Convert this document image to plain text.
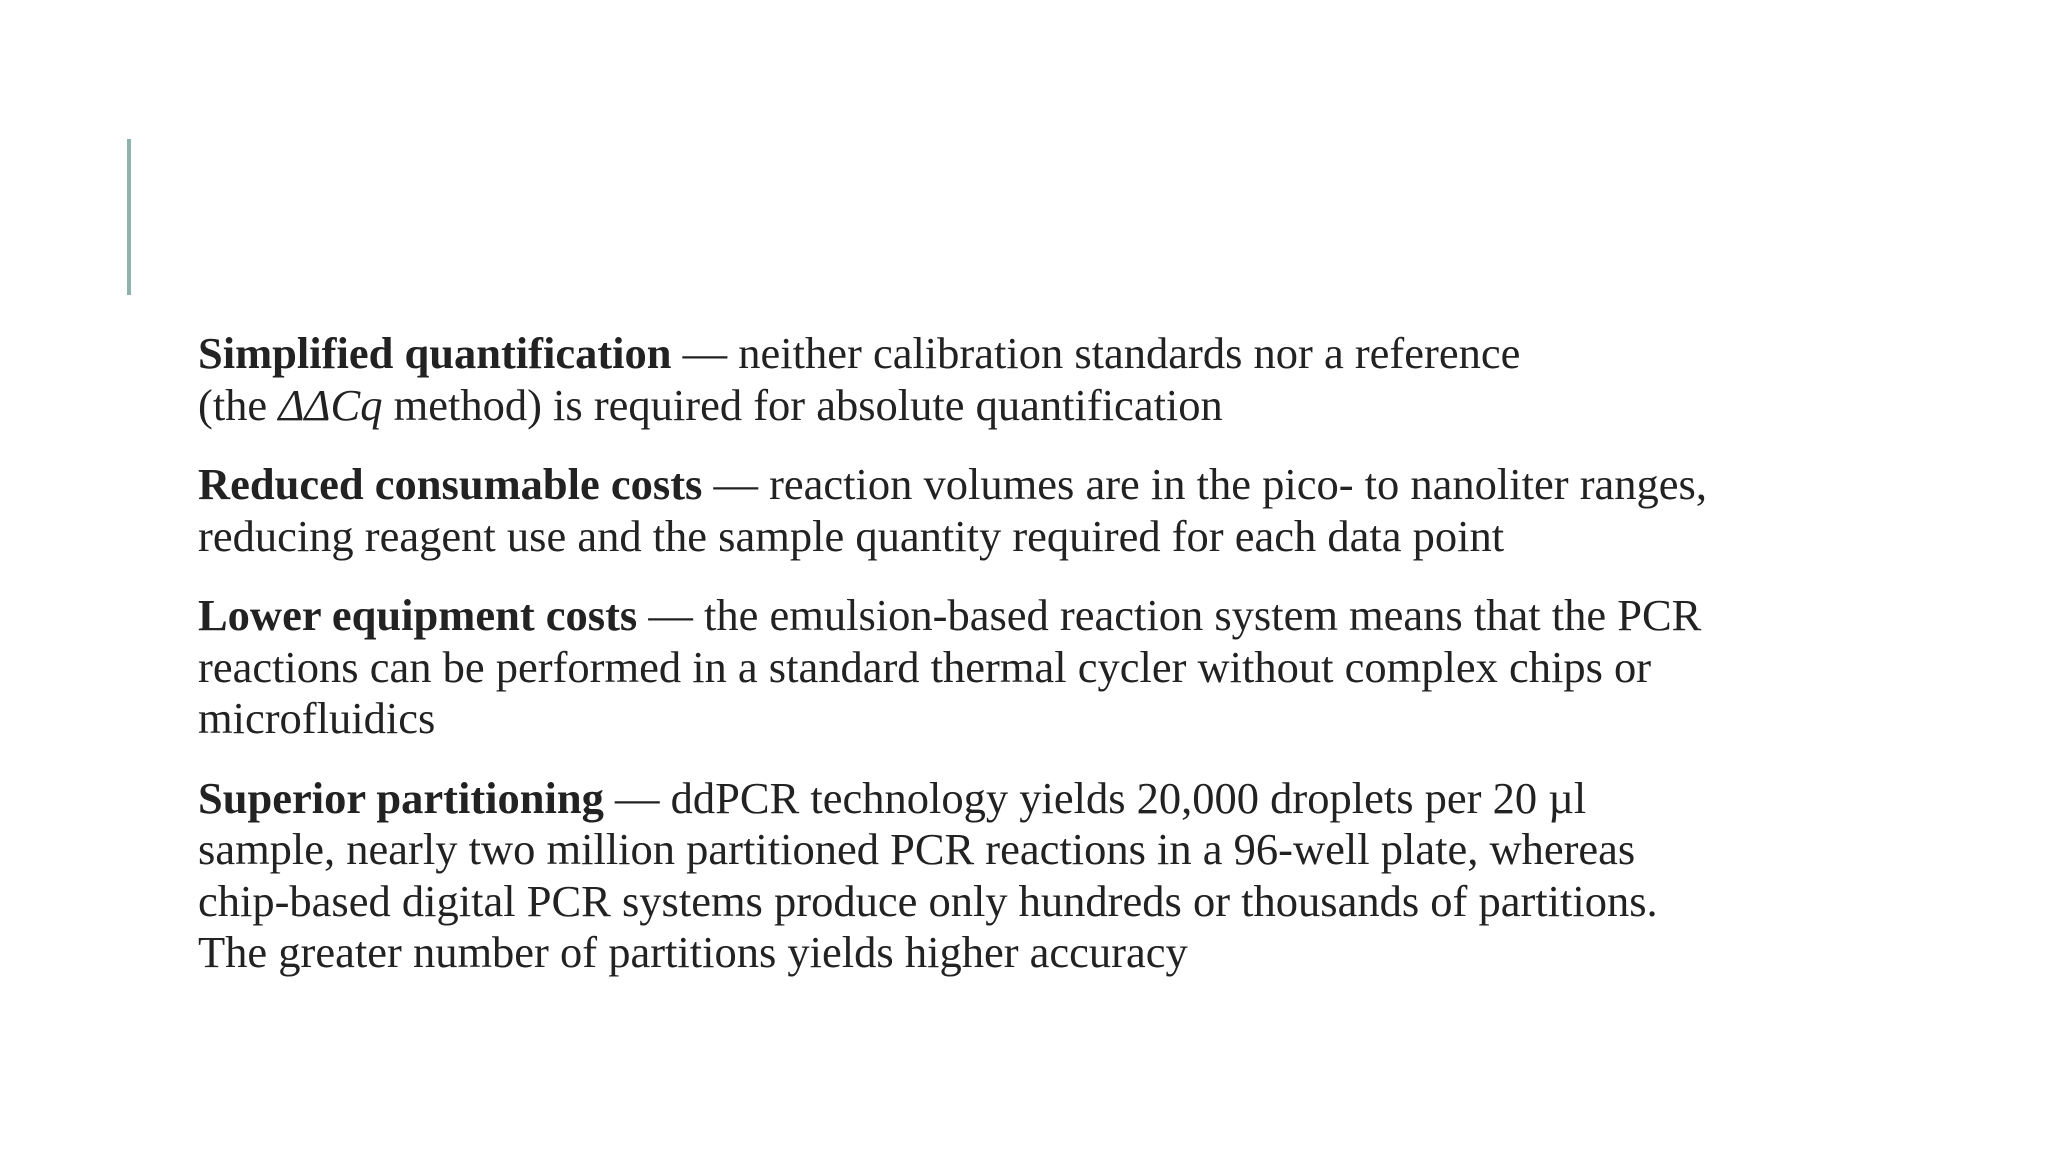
Simplified quantification — neither calibration standards nor a reference
(the ΔΔCq method) is required for absolute quantification

Reduced consumable costs — reaction volumes are in the pico- to nanoliter ranges,
reducing reagent use and the sample quantity required for each data point

Lower equipment costs — the emulsion-based reaction system means that the PCR
reactions can be performed in a standard thermal cycler without complex chips or
microfluidics

Superior partitioning — ddPCR technology yields 20,000 droplets per 20 µl
sample, nearly two million partitioned PCR reactions in a 96-well plate, whereas
chip-based digital PCR systems produce only hundreds or thousands of partitions.
The greater number of partitions yields higher accuracy
